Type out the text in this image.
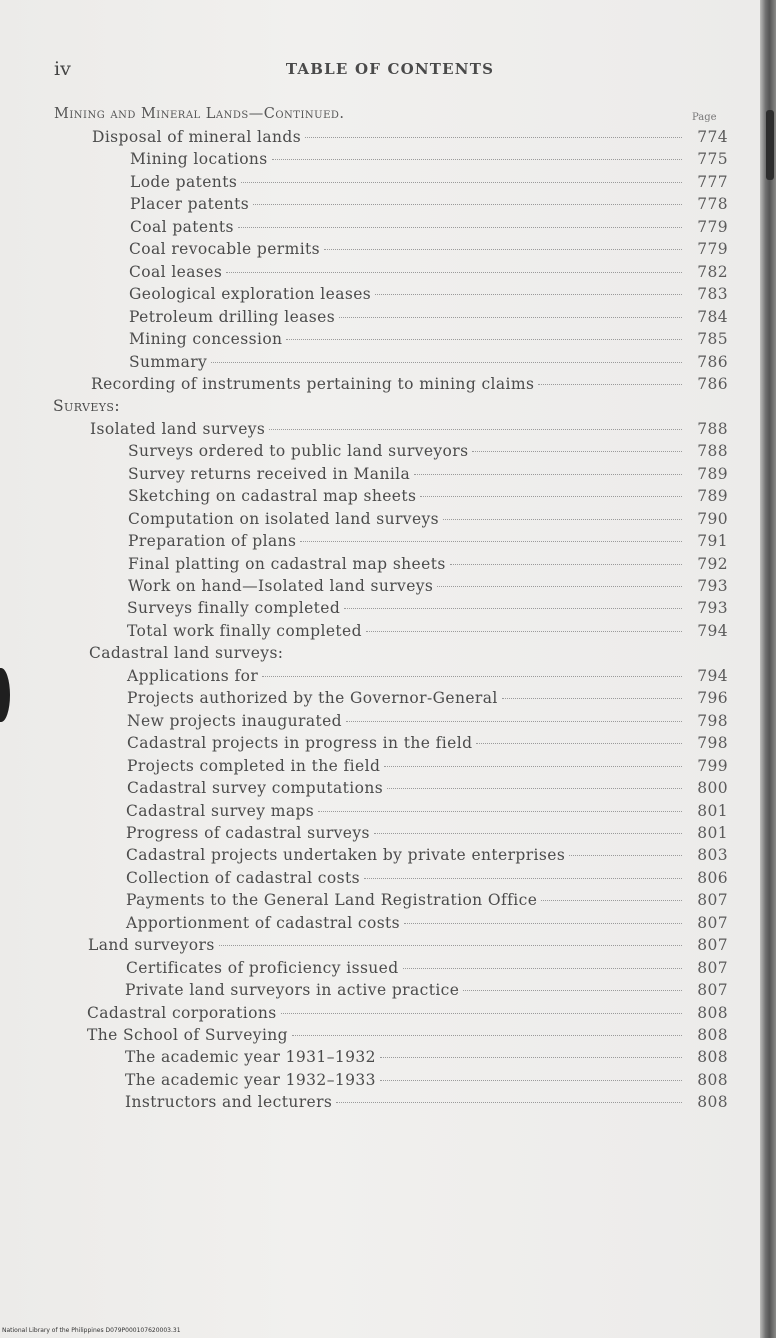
iv	TABLE OF CONTENTS
Mining and Mineral Lands—Continued.	Page
Disposal of mineral lands	774
Mining locations	775
Lode patents	777
Placer patents	778
Coal patents	779
Coal revocable permits	779
Coal leases	782
Geological exploration leases	783
Petroleum drilling leases	784
Mining concession	785
Summary	786
Recording of instruments pertaining to mining claims	786
Surveys:
Isolated land surveys	788
Surveys ordered to public land surveyors	788
Survey returns received in Manila	789
Sketching on cadastral map sheets	789
Computation on isolated land surveys	790
Preparation of plans	791
Final platting on cadastral map sheets	792
Work on hand—Isolated land surveys	793
Surveys finally completed	793
Total work finally completed	794
Cadastral land surveys:
Applications for	794
Projects authorized by the Governor-General	796
New projects inaugurated	798
Cadastral projects in progress in the field	798
Projects completed in the field	799
Cadastral survey computations	800
Cadastral survey maps	801
Progress of cadastral surveys	801
Cadastral projects undertaken by private enterprises	803
Collection of cadastral costs	806
Payments to the General Land Registration Office	807
Apportionment of cadastral costs	807
Land surveyors	807
Certificates of proficiency issued	807
Private land surveyors in active practice	807
Cadastral corporations	808
The School of Surveying	808
The academic year 1931–1932	808
The academic year 1932–1933	808
Instructors and lecturers	808
National Library of the Philippines D079P000107620003.31
